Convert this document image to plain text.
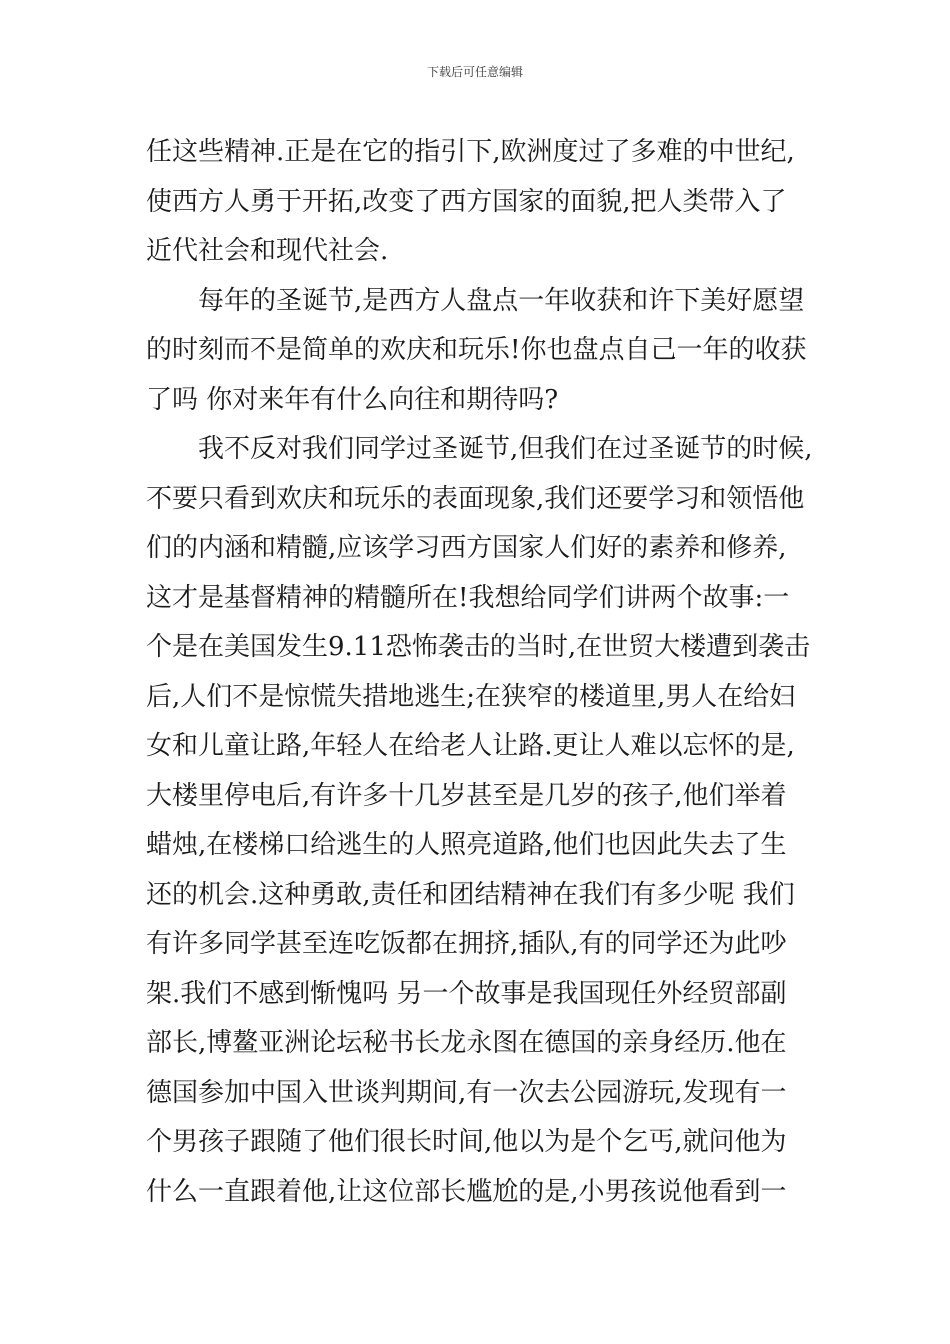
下载后可任意编辑
任这些精神.正是在它的指引下,欧洲度过了多难的中世纪,
使西方人勇于开拓,改变了西方国家的面貌,把人类带入了
近代社会和现代社会.
每年的圣诞节,是西方人盘点一年收获和许下美好愿望
的时刻而不是简单的欢庆和玩乐!你也盘点自己一年的收获
了吗 你对来年有什么向往和期待吗?
我不反对我们同学过圣诞节,但我们在过圣诞节的时候,
不要只看到欢庆和玩乐的表面现象,我们还要学习和领悟他
们的内涵和精髓,应该学习西方国家人们好的素养和修养,
这才是基督精神的精髓所在!我想给同学们讲两个故事:一
个是在美国发生9.11恐怖袭击的当时,在世贸大楼遭到袭击
后,人们不是惊慌失措地逃生;在狭窄的楼道里,男人在给妇
女和儿童让路,年轻人在给老人让路.更让人难以忘怀的是,
大楼里停电后,有许多十几岁甚至是几岁的孩子,他们举着
蜡烛,在楼梯口给逃生的人照亮道路,他们也因此失去了生
还的机会.这种勇敢,责任和团结精神在我们有多少呢 我们
有许多同学甚至连吃饭都在拥挤,插队,有的同学还为此吵
架.我们不感到惭愧吗 另一个故事是我国现任外经贸部副
部长,博鳌亚洲论坛秘书长龙永图在德国的亲身经历.他在
德国参加中国入世谈判期间,有一次去公园游玩,发现有一
个男孩子跟随了他们很长时间,他以为是个乞丐,就问他为
什么一直跟着他,让这位部长尴尬的是,小男孩说他看到一
